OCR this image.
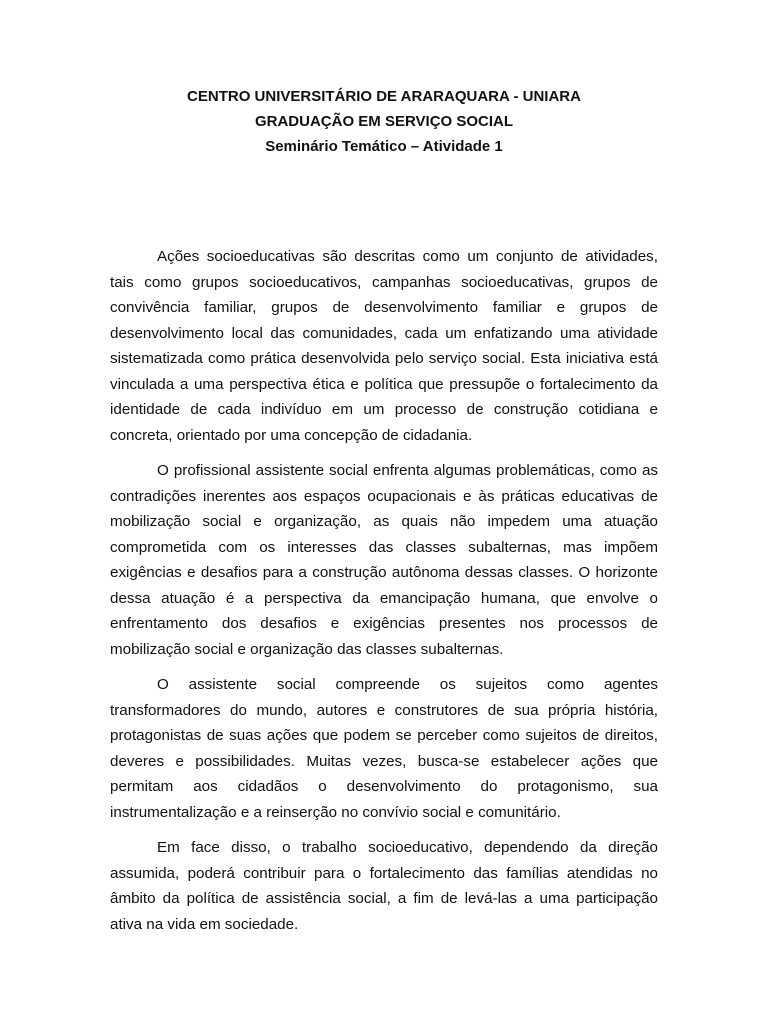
CENTRO UNIVERSITÁRIO DE ARARAQUARA - UNIARA
GRADUAÇÃO EM SERVIÇO SOCIAL
Seminário Temático – Atividade 1

Ações socioeducativas são descritas como um conjunto de atividades, tais como grupos socioeducativos, campanhas socioeducativas, grupos de convivência familiar, grupos de desenvolvimento familiar e grupos de desenvolvimento local das comunidades, cada um enfatizando uma atividade sistematizada como prática desenvolvida pelo serviço social. Esta iniciativa está vinculada a uma perspectiva ética e política que pressupõe o fortalecimento da identidade de cada indivíduo em um processo de construção cotidiana e concreta, orientado por uma concepção de cidadania.

O profissional assistente social enfrenta algumas problemáticas, como as contradições inerentes aos espaços ocupacionais e às práticas educativas de mobilização social e organização, as quais não impedem uma atuação comprometida com os interesses das classes subalternas, mas impõem exigências e desafios para a construção autônoma dessas classes. O horizonte dessa atuação é a perspectiva da emancipação humana, que envolve o enfrentamento dos desafios e exigências presentes nos processos de mobilização social e organização das classes subalternas.

O assistente social compreende os sujeitos como agentes transformadores do mundo, autores e construtores de sua própria história, protagonistas de suas ações que podem se perceber como sujeitos de direitos, deveres e possibilidades. Muitas vezes, busca-se estabelecer ações que permitam aos cidadãos o desenvolvimento do protagonismo, sua instrumentalização e a reinserção no convívio social e comunitário.

Em face disso, o trabalho socioeducativo, dependendo da direção assumida, poderá contribuir para o fortalecimento das famílias atendidas no âmbito da política de assistência social, a fim de levá-las a uma participação ativa na vida em sociedade.
